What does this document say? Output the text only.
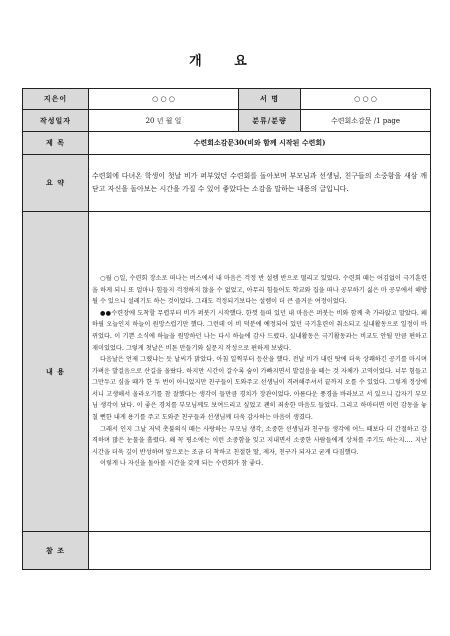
개 요
지은이	○ ○ ○	서 명	○ ○ ○
작성일자	20 년 월 일	분류/분량	수련회소감문 /1 page
제 목	수련회소감문30(비와 함께 시작된 수련회)		
요 약	수련회에 다녀온 학생이 첫날 비가 퍼부었던 수련회를 돌아보며 부모님과 선생님, 친구들의 소중함을 새삼 깨닫고 자신을 돌아보는 시간을 가질 수 있어 좋았다는 소감을 말하는 내용의 글입니다.		
내 용	○월 ○일, 수련회 장소로 떠나는 버스에서 내 마음은 걱정 반 설렘 반으로 떨리고 있었다. 수련회 때는 어김없이 극기훈련을 하게 되니 또 얼마나 힘들지 걱정하지 않을 수 없었고, 아무리 힘들어도 학교와 집을 떠나 공부하기 싫은 마 공부에서 해방될 수 있으니 설레기도 하는 것이었다. 그래도 걱정되기보다는 설렘이 더 큰 즐거운 여정이었다.

●●수련장에 도착할 무렵부터 비가 퍼붓기 시작했다. 한껏 들떠 있던 내 마음은 퍼붓는 비와 함께 축 가라앉고 말았다. 왜 하필 오늘인지 하늘이 원망스럽기만 했다. 그런데 이 비 덕분에 예정되어 있던 극기훈련이 취소되고 실내활동으로 일정이 바뀌었다. 이 기쁜 소식에 하늘을 원망하던 나는 다시 하늘에 감사 드렸다. 실내활동은 극기활동과는 비교도 안될 만큼 편하고 재미있었다. 그렇게 첫날은 비튼 만들기와 실문지 작성으로 편하게 보냈다.

다음날은 언제 그랬냐는 듯 날씨가 맑았다. 아침 일찍부터 등산을 했다. 전날 비가 내린 탓에 더욱 상쾌하긴 공기를 마시며 가벼운 발걸음으로 산길을 올랐다. 하지만 시간이 갈수록 숨이 가빠지면서 발걸음을 떼는 것 자체가 고역이었다. 너무 힘들고 그만두고 싶을 때가 한 두 번이 아니었지만 친구들이 도와주고 선생님이 격려해주셔서 끝까지 오를 수 있었다. 그렇게 정상에 서니 고생해서 올라오기를 참 잘했다는 생각이 들만큼 경치가 장관이었다. 아름다운 풍경을 바라보고 서 있으니 갑자기 부모님 생각이 났다. 이 좋은 경치를 부모님께도 보여드리고 싶었고 괜히 죄송한 마음도 들었다. 그리고 하마터면 이런 감동을 놓칠 뻔한 내게 용기를 주고 도와준 친구들과 선생님께 더욱 감사하는 마음이 생겼다.

그래서 인지 그날 저녁 촛불의식 때는 사랑하는 부모님 생각, 소중한 선생님과 친구들 생각에 어느 때보다 더 간절하고 감격하며 많은 눈물을 흘렸다. 왜 꼭 평소에는 이런 소중함을 잊고 지내면서 소중한 사람들에게 상처를 주기도 하는지…. 지난 시간을 더욱 깊이 반성하며 앞으로는 조금 더 착하고 친절한 딸, 제자, 친구가 되자고 굳게 다짐했다.

이렇게 나 자신을 돌아볼 시간을 갖게 되는 수련회가 참 좋다.		

참 조			
